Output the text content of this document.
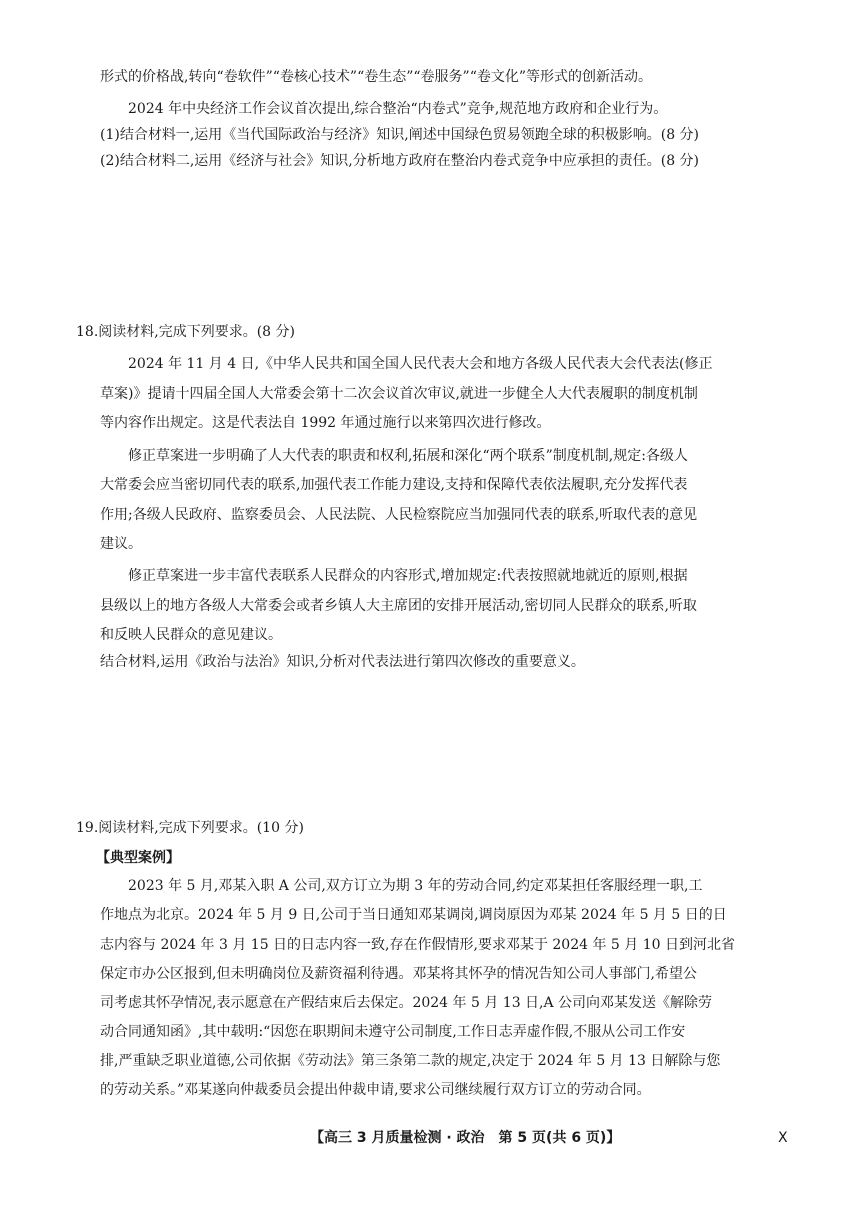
形式的价格战,转向“卷软件”“卷核心技术”“卷生态”“卷服务”“卷文化”等形式的创新活动。
2024 年中央经济工作会议首次提出,综合整治“内卷式”竞争,规范地方政府和企业行为。
(1)结合材料一,运用《当代国际政治与经济》知识,阐述中国绿色贸易领跑全球的积极影响。(8 分)
(2)结合材料二,运用《经济与社会》知识,分析地方政府在整治内卷式竞争中应承担的责任。(8 分)
18.阅读材料,完成下列要求。(8 分)
2024 年 11 月 4 日,《中华人民共和国全国人民代表大会和地方各级人民代表大会代表法(修正
草案)》提请十四届全国人大常委会第十二次会议首次审议,就进一步健全人大代表履职的制度机制
等内容作出规定。这是代表法自 1992 年通过施行以来第四次进行修改。
修正草案进一步明确了人大代表的职责和权利,拓展和深化“两个联系”制度机制,规定:各级人
大常委会应当密切同代表的联系,加强代表工作能力建设,支持和保障代表依法履职,充分发挥代表
作用;各级人民政府、监察委员会、人民法院、人民检察院应当加强同代表的联系,听取代表的意见
建议。
修正草案进一步丰富代表联系人民群众的内容形式,增加规定:代表按照就地就近的原则,根据
县级以上的地方各级人大常委会或者乡镇人大主席团的安排开展活动,密切同人民群众的联系,听取
和反映人民群众的意见建议。
结合材料,运用《政治与法治》知识,分析对代表法进行第四次修改的重要意义。
19.阅读材料,完成下列要求。(10 分)
【典型案例】
2023 年 5 月,邓某入职 A 公司,双方订立为期 3 年的劳动合同,约定邓某担任客服经理一职,工
作地点为北京。2024 年 5 月 9 日,公司于当日通知邓某调岗,调岗原因为邓某 2024 年 5 月 5 日的日
志内容与 2024 年 3 月 15 日的日志内容一致,存在作假情形,要求邓某于 2024 年 5 月 10 日到河北省
保定市办公区报到,但未明确岗位及薪资福利待遇。邓某将其怀孕的情况告知公司人事部门,希望公
司考虑其怀孕情况,表示愿意在产假结束后去保定。2024 年 5 月 13 日,A 公司向邓某发送《解除劳
动合同通知函》,其中载明:“因您在职期间未遵守公司制度,工作日志弄虚作假,不服从公司工作安
排,严重缺乏职业道德,公司依据《劳动法》第三条第二款的规定,决定于 2024 年 5 月 13 日解除与您
的劳动关系。”邓某遂向仲裁委员会提出仲裁申请,要求公司继续履行双方订立的劳动合同。
【高三 3 月质量检测 · 政治　第 5 页(共 6 页)】	X
